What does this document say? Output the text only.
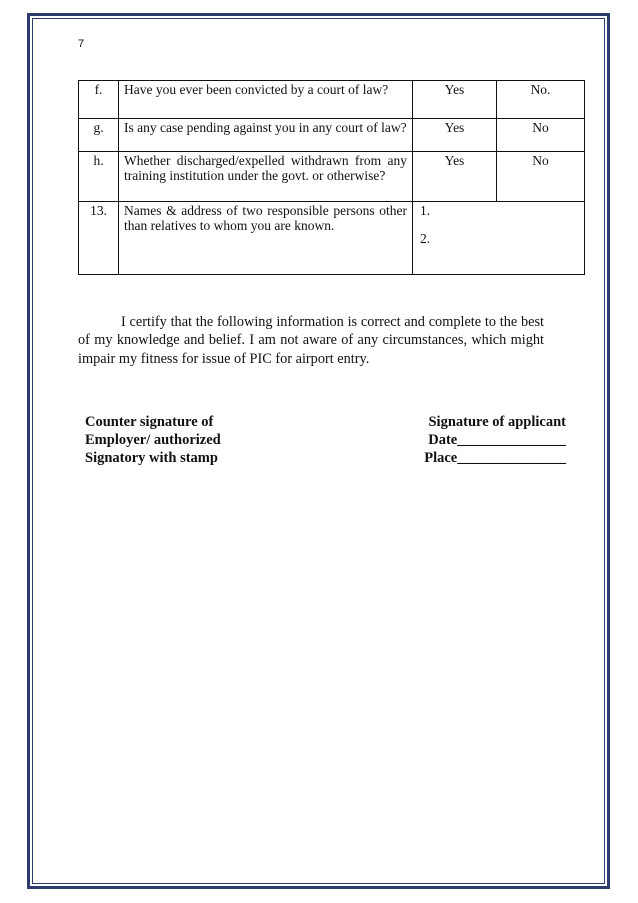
7
f.	Have you ever been convicted by a court of law?	Yes	No.
g.	Is any case pending against you in any court of law?	Yes	No
h.	Whether discharged/expelled withdrawn from any training institution under the govt. or otherwise?	Yes	No
13.	Names & address of two responsible persons other than relatives to whom you are known.	1.
2.	
I certify that the following information is correct and complete to the best of my knowledge and belief. I am not aware of any circumstances, which might impair my fitness for issue of PIC for airport entry.
Counter signature of	Signature of applicant
Employer/ authorized	Date_______________
Signatory with stamp	Place_______________
